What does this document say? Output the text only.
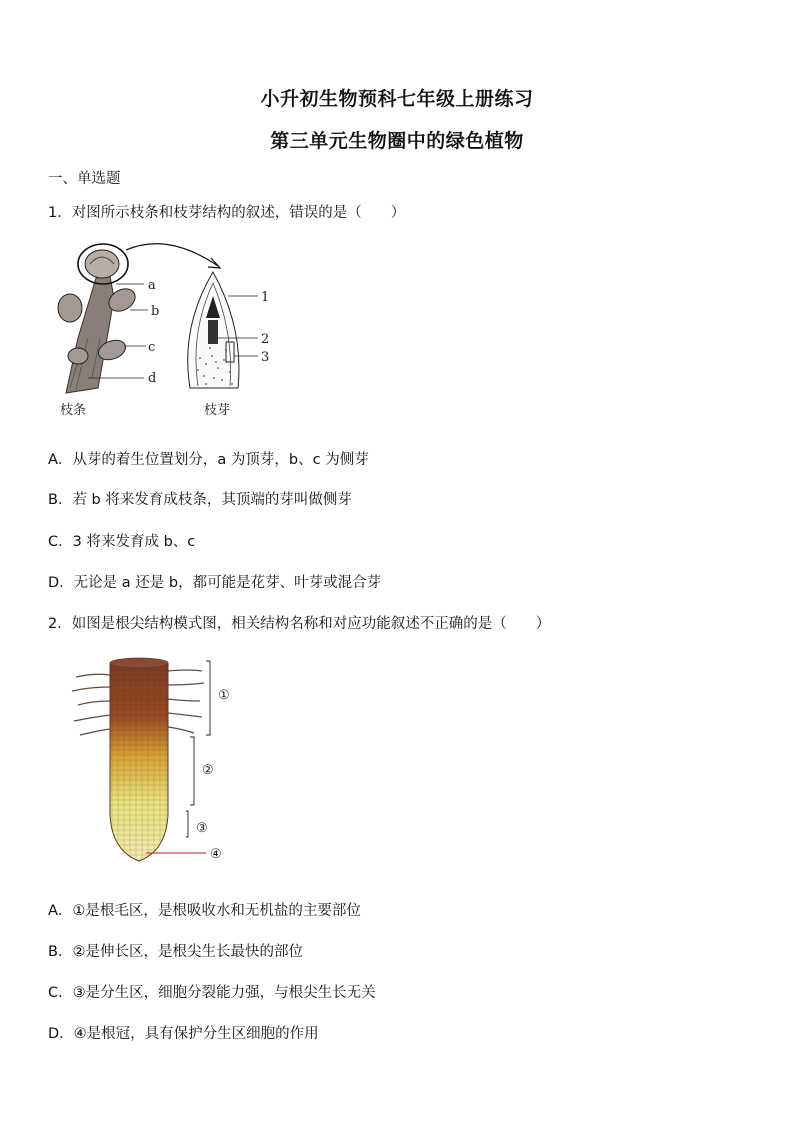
小升初生物预科七年级上册练习
第三单元生物圈中的绿色植物
一、单选题
1．对图所示枝条和枝芽结构的叙述，错误的是（　　）
a
b
c
d
1
2
3
枝条	枝芽
A．从芽的着生位置划分，a 为顶芽，b、c 为侧芽
B．若 b 将来发育成枝条，其顶端的芽叫做侧芽
C．3 将来发育成 b、c
D．无论是 a 还是 b，都可能是花芽、叶芽或混合芽
2．如图是根尖结构模式图，相关结构名称和对应功能叙述不正确的是（　　）
①
②
③
④
A．①是根毛区，是根吸收水和无机盐的主要部位
B．②是伸长区，是根尖生长最快的部位
C．③是分生区，细胞分裂能力强，与根尖生长无关
D．④是根冠，具有保护分生区细胞的作用
